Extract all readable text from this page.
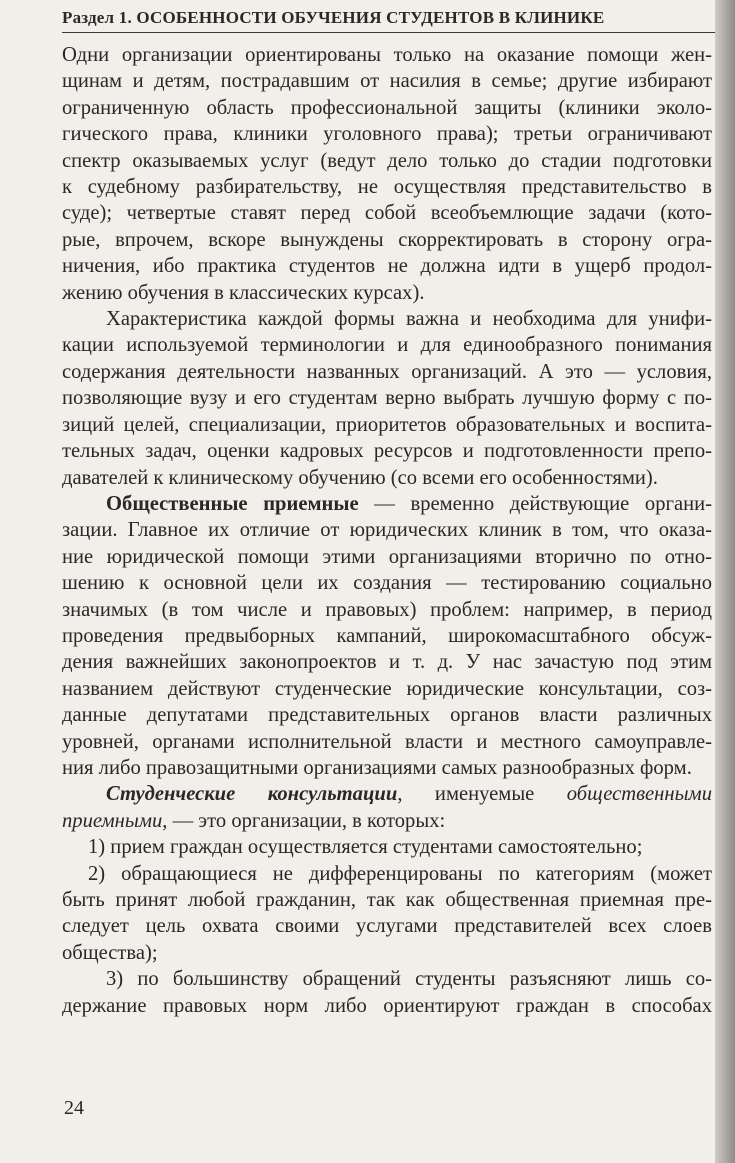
Раздел 1. ОСОБЕННОСТИ ОБУЧЕНИЯ СТУДЕНТОВ В КЛИНИКЕ
Одни организации ориентированы только на оказание помощи жен-
щинам и детям, пострадавшим от насилия в семье; другие избирают
ограниченную область профессиональной защиты (клиники эколо-
гического права, клиники уголовного права); третьи ограничивают
спектр оказываемых услуг (ведут дело только до стадии подготовки
к судебному разбирательству, не осуществляя представительство в
суде); четвертые ставят перед собой всеобъемлющие задачи (кото-
рые, впрочем, вскоре вынуждены скорректировать в сторону огра-
ничения, ибо практика студентов не должна идти в ущерб продол-
жению обучения в классических курсах).
Характеристика каждой формы важна и необходима для унифи-
кации используемой терминологии и для единообразного понимания
содержания деятельности названных организаций. А это — условия,
позволяющие вузу и его студентам верно выбрать лучшую форму с по-
зиций целей, специализации, приоритетов образовательных и воспита-
тельных задач, оценки кадровых ресурсов и подготовленности препо-
давателей к клиническому обучению (со всеми его особенностями).
Общественные приемные — временно действующие органи-
зации. Главное их отличие от юридических клиник в том, что оказа-
ние юридической помощи этими организациями вторично по отно-
шению к основной цели их создания — тестированию социально
значимых (в том числе и правовых) проблем: например, в период
проведения предвыборных кампаний, широкомасштабного обсуж-
дения важнейших законопроектов и т. д. У нас зачастую под этим
названием действуют студенческие юридические консультации, соз-
данные депутатами представительных органов власти различных
уровней, органами исполнительной власти и местного самоуправле-
ния либо правозащитными организациями самых разнообразных форм.
Студенческие консультации, именуемые общественными
приемными, — это организации, в которых:
1) прием граждан осуществляется студентами самостоятельно;
2) обращающиеся не дифференцированы по категориям (может
быть принят любой гражданин, так как общественная приемная пре-
следует цель охвата своими услугами представителей всех слоев
общества);
3) по большинству обращений студенты разъясняют лишь со-
держание правовых норм либо ориентируют граждан в способах
24
